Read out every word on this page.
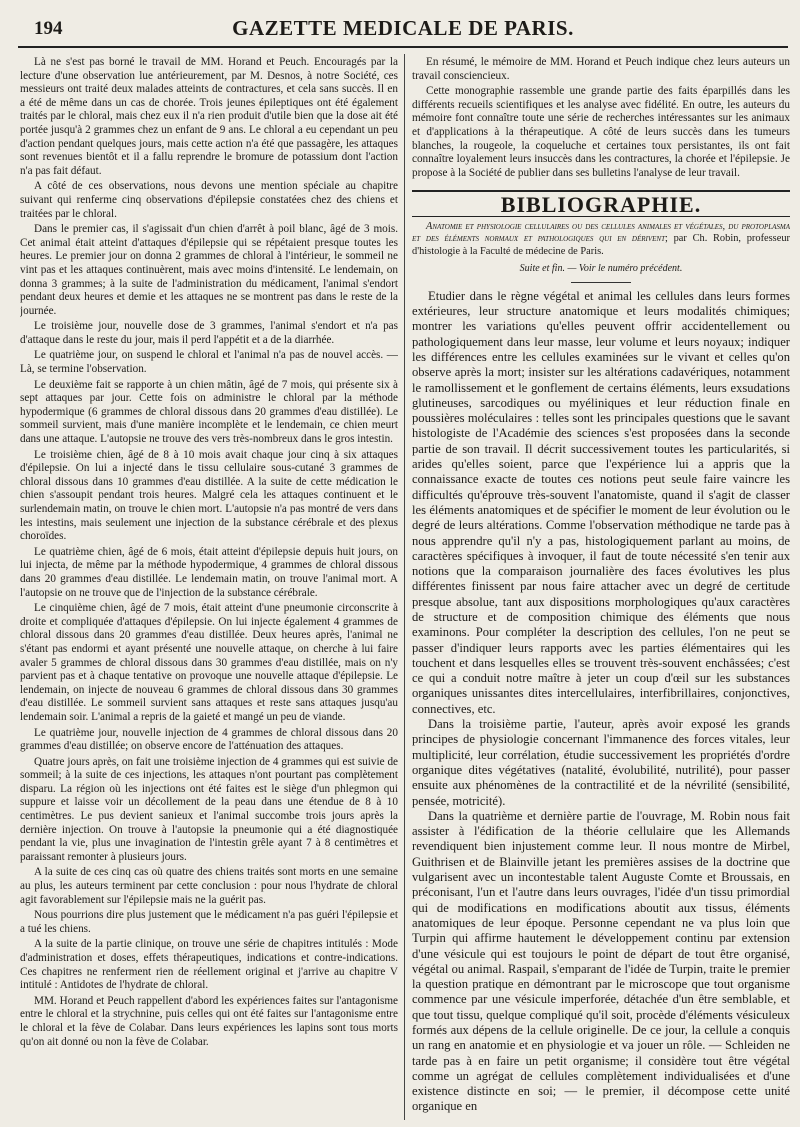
194	GAZETTE MEDICALE DE PARIS.

Là ne s'est pas borné le travail de MM. Horand et Peuch. Encouragés par la lecture d'une observation lue antérieurement, par M. Desnos, à notre Société, ces messieurs ont traité deux malades atteints de contractures, et cela sans succès. Il en a été de même dans un cas de chorée. Trois jeunes épileptiques ont été également traités par le chloral, mais chez eux il n'a rien produit d'utile bien que la dose ait été portée jusqu'à 2 grammes chez un enfant de 9 ans. Le chloral a eu cependant un peu d'action pendant quelques jours, mais cette action n'a été que passagère, les attaques sont revenues bientôt et il a fallu reprendre le bromure de potassium dont l'action n'a pas fait défaut.

A côté de ces observations, nous devons une mention spéciale au chapitre suivant qui renferme cinq observations d'épilepsie constatées chez des chiens et traitées par le chloral.

Dans le premier cas, il s'agissait d'un chien d'arrêt à poil blanc, âgé de 3 mois. Cet animal était atteint d'attaques d'épilepsie qui se répétaient presque toutes les heures. Le premier jour on donna 2 grammes de chloral à l'intérieur, le sommeil ne vint pas et les attaques continuèrent, mais avec moins d'intensité. Le lendemain, on donna 3 grammes; à la suite de l'administration du médicament, l'animal s'endort pendant deux heures et demie et les attaques ne se montrent pas dans le reste de la journée.

Le troisième jour, nouvelle dose de 3 grammes, l'animal s'endort et n'a pas d'attaque dans le reste du jour, mais il perd l'appétit et a de la diarrhée.

Le quatrième jour, on suspend le chloral et l'animal n'a pas de nouvel accès. — Là, se termine l'observation.

Le deuxième fait se rapporte à un chien mâtin, âgé de 7 mois, qui présente six à sept attaques par jour. Cette fois on administre le chloral par la méthode hypodermique (6 grammes de chloral dissous dans 20 grammes d'eau distillée). Le sommeil survient, mais d'une manière incomplète et le lendemain, ce chien meurt dans une attaque. L'autopsie ne trouve des vers très-nombreux dans le gros intestin.

Le troisième chien, âgé de 8 à 10 mois avait chaque jour cinq à six attaques d'épilepsie. On lui a injecté dans le tissu cellulaire sous-cutané 3 grammes de chloral dissous dans 10 grammes d'eau distillée. A la suite de cette médication le chien s'assoupit pendant trois heures. Malgré cela les attaques continuent et le surlendemain matin, on trouve le chien mort. L'autopsie n'a pas montré de vers dans les intestins, mais seulement une injection de la substance cérébrale et des plexus choroïdes.

Le quatrième chien, âgé de 6 mois, était atteint d'épilepsie depuis huit jours, on lui injecta, de même par la méthode hypodermique, 4 grammes de chloral dissous dans 20 grammes d'eau distillée. Le lendemain matin, on trouve l'animal mort. A l'autopsie on ne trouve que de l'injection de la substance cérébrale.

Le cinquième chien, âgé de 7 mois, était atteint d'une pneumonie circonscrite à droite et compliquée d'attaques d'épilepsie. On lui injecte également 4 grammes de chloral dissous dans 20 grammes d'eau distillée. Deux heures après, l'animal ne s'étant pas endormi et ayant présenté une nouvelle attaque, on cherche à lui faire avaler 5 grammes de chloral dissous dans 30 grammes d'eau distillée, mais on n'y parvient pas et à chaque tentative on provoque une nouvelle attaque d'épilepsie. Le lendemain, on injecte de nouveau 6 grammes de chloral dissous dans 30 grammes d'eau distillée. Le sommeil survient sans attaques et reste sans attaques jusqu'au lendemain soir. L'animal a repris de la gaieté et mangé un peu de viande.

Le quatrième jour, nouvelle injection de 4 grammes de chloral dissous dans 20 grammes d'eau distillée; on observe encore de l'atténuation des attaques.

Quatre jours après, on fait une troisième injection de 4 grammes qui est suivie de sommeil; à la suite de ces injections, les attaques n'ont pourtant pas complètement disparu. La région où les injections ont été faites est le siège d'un phlegmon qui suppure et laisse voir un décollement de la peau dans une étendue de 8 à 10 centimètres. Le pus devient sanieux et l'animal succombe trois jours après la dernière injection. On trouve à l'autopsie la pneumonie qui a été diagnostiquée pendant la vie, plus une invagination de l'intestin grêle ayant 7 à 8 centimètres et paraissant remonter à plusieurs jours.

A la suite de ces cinq cas où quatre des chiens traités sont morts en une semaine au plus, les auteurs terminent par cette conclusion : pour nous l'hydrate de chloral agit favorablement sur l'épilepsie mais ne la guérit pas.

Nous pourrions dire plus justement que le médicament n'a pas guéri l'épilepsie et a tué les chiens.

A la suite de la partie clinique, on trouve une série de chapitres intitulés : Mode d'administration et doses, effets thérapeutiques, indications et contre-indications. Ces chapitres ne renferment rien de réellement original et j'arrive au chapitre V intitulé : Antidotes de l'hydrate de chloral.

MM. Horand et Peuch rappellent d'abord les expériences faites sur l'antagonisme entre le chloral et la strychnine, puis celles qui ont été faites sur l'antagonisme entre le chloral et la fève de Colabar. Dans leurs expériences les lapins sont tous morts qu'on ait donné ou non la fève de Colabar.

En résumé, le mémoire de MM. Horand et Peuch indique chez leurs auteurs un travail consciencieux.

Cette monographie rassemble une grande partie des faits éparpillés dans les différents recueils scientifiques et les analyse avec fidélité. En outre, les auteurs du mémoire font connaître toute une série de recherches intéressantes sur les animaux et d'applications à la thérapeutique. A côté de leurs succès dans les tumeurs blanches, la rougeole, la coqueluche et certaines toux persistantes, ils ont fait connaître loyalement leurs insuccès dans les contractures, la chorée et l'épilepsie. Je propose à la Société de publier dans ses bulletins l'analyse de leur travail.

BIBLIOGRAPHIE.

Anatomie et physiologie cellulaires ou des cellules animales et végétales, du protoplasma et des éléments normaux et pathologiques qui en dérivent; par Ch. Robin, professeur d'histologie à la Faculté de médecine de Paris.

Suite et fin. — Voir le numéro précédent.

Etudier dans le règne végétal et animal les cellules dans leurs formes extérieures, leur structure anatomique et leurs modalités chimiques; montrer les variations qu'elles peuvent offrir accidentellement ou pathologiquement dans leur masse, leur volume et leurs noyaux; indiquer les différences entre les cellules examinées sur le vivant et celles qu'on observe après la mort; insister sur les altérations cadavériques, notamment le ramollissement et le gonflement de certains éléments, leurs exsudations glutineuses, sarcodiques ou myéliniques et leur réduction finale en poussières moléculaires : telles sont les principales questions que le savant histologiste de l'Académie des sciences s'est proposées dans la seconde partie de son travail. Il décrit successivement toutes les particularités, si arides qu'elles soient, parce que l'expérience lui a appris que la connaissance exacte de toutes ces notions peut seule faire vaincre les difficultés qu'éprouve très-souvent l'anatomiste, quand il s'agit de classer les éléments anatomiques et de spécifier le moment de leur évolution ou le degré de leurs altérations. Comme l'observation méthodique ne tarde pas à nous apprendre qu'il n'y a pas, histologiquement parlant au moins, de caractères spécifiques à invoquer, il faut de toute nécessité s'en tenir aux notions que la comparaison journalière des faces évolutives les plus différentes finissent par nous faire attacher avec un degré de certitude presque absolue, tant aux dispositions morphologiques qu'aux caractères de structure et de composition chimique des éléments que nous examinons. Pour compléter la description des cellules, l'on ne peut se passer d'indiquer leurs rapports avec les parties élémentaires qui les touchent et dans lesquelles elles se trouvent très-souvent enchâssées; c'est ce qui a conduit notre maître à jeter un coup d'œil sur les substances organiques unissantes dites intercellulaires, interfibrillaires, conjonctives, connectives, etc.

Dans la troisième partie, l'auteur, après avoir exposé les grands principes de physiologie concernant l'immanence des forces vitales, leur multiplicité, leur corrélation, étudie successivement les propriétés d'ordre organique dites végétatives (natalité, évolubilité, nutrilité), pour passer ensuite aux phénomènes de la contractilité et de la névrilité (sensibilité, pensée, motricité).

Dans la quatrième et dernière partie de l'ouvrage, M. Robin nous fait assister à l'édification de la théorie cellulaire que les Allemands revendiquent bien injustement comme leur. Il nous montre de Mirbel, Guithrisen et de Blainville jetant les premières assises de la doctrine que vulgarisent avec un incontestable talent Auguste Comte et Broussais, en préconisant, l'un et l'autre dans leurs ouvrages, l'idée d'un tissu primordial qui de modifications en modifications aboutit aux tissus, éléments anatomiques de leur époque. Personne cependant ne va plus loin que Turpin qui affirme hautement le développement continu par extension d'une vésicule qui est toujours le point de départ de tout être organisé, végétal ou animal. Raspail, s'emparant de l'idée de Turpin, traite le premier la question pratique en démontrant par le microscope que tout organisme commence par une vésicule imperforée, détachée d'un être semblable, et que tout tissu, quelque compliqué qu'il soit, procède d'éléments vésiculeux formés aux dépens de la cellule originelle. De ce jour, la cellule a conquis un rang en anatomie et en physiologie et va jouer un rôle. — Schleiden ne tarde pas à en faire un petit organisme; il considère tout être végétal comme un agrégat de cellules complètement individualisées et d'une existence distincte en soi; — le premier, il décompose cette unité organique en
